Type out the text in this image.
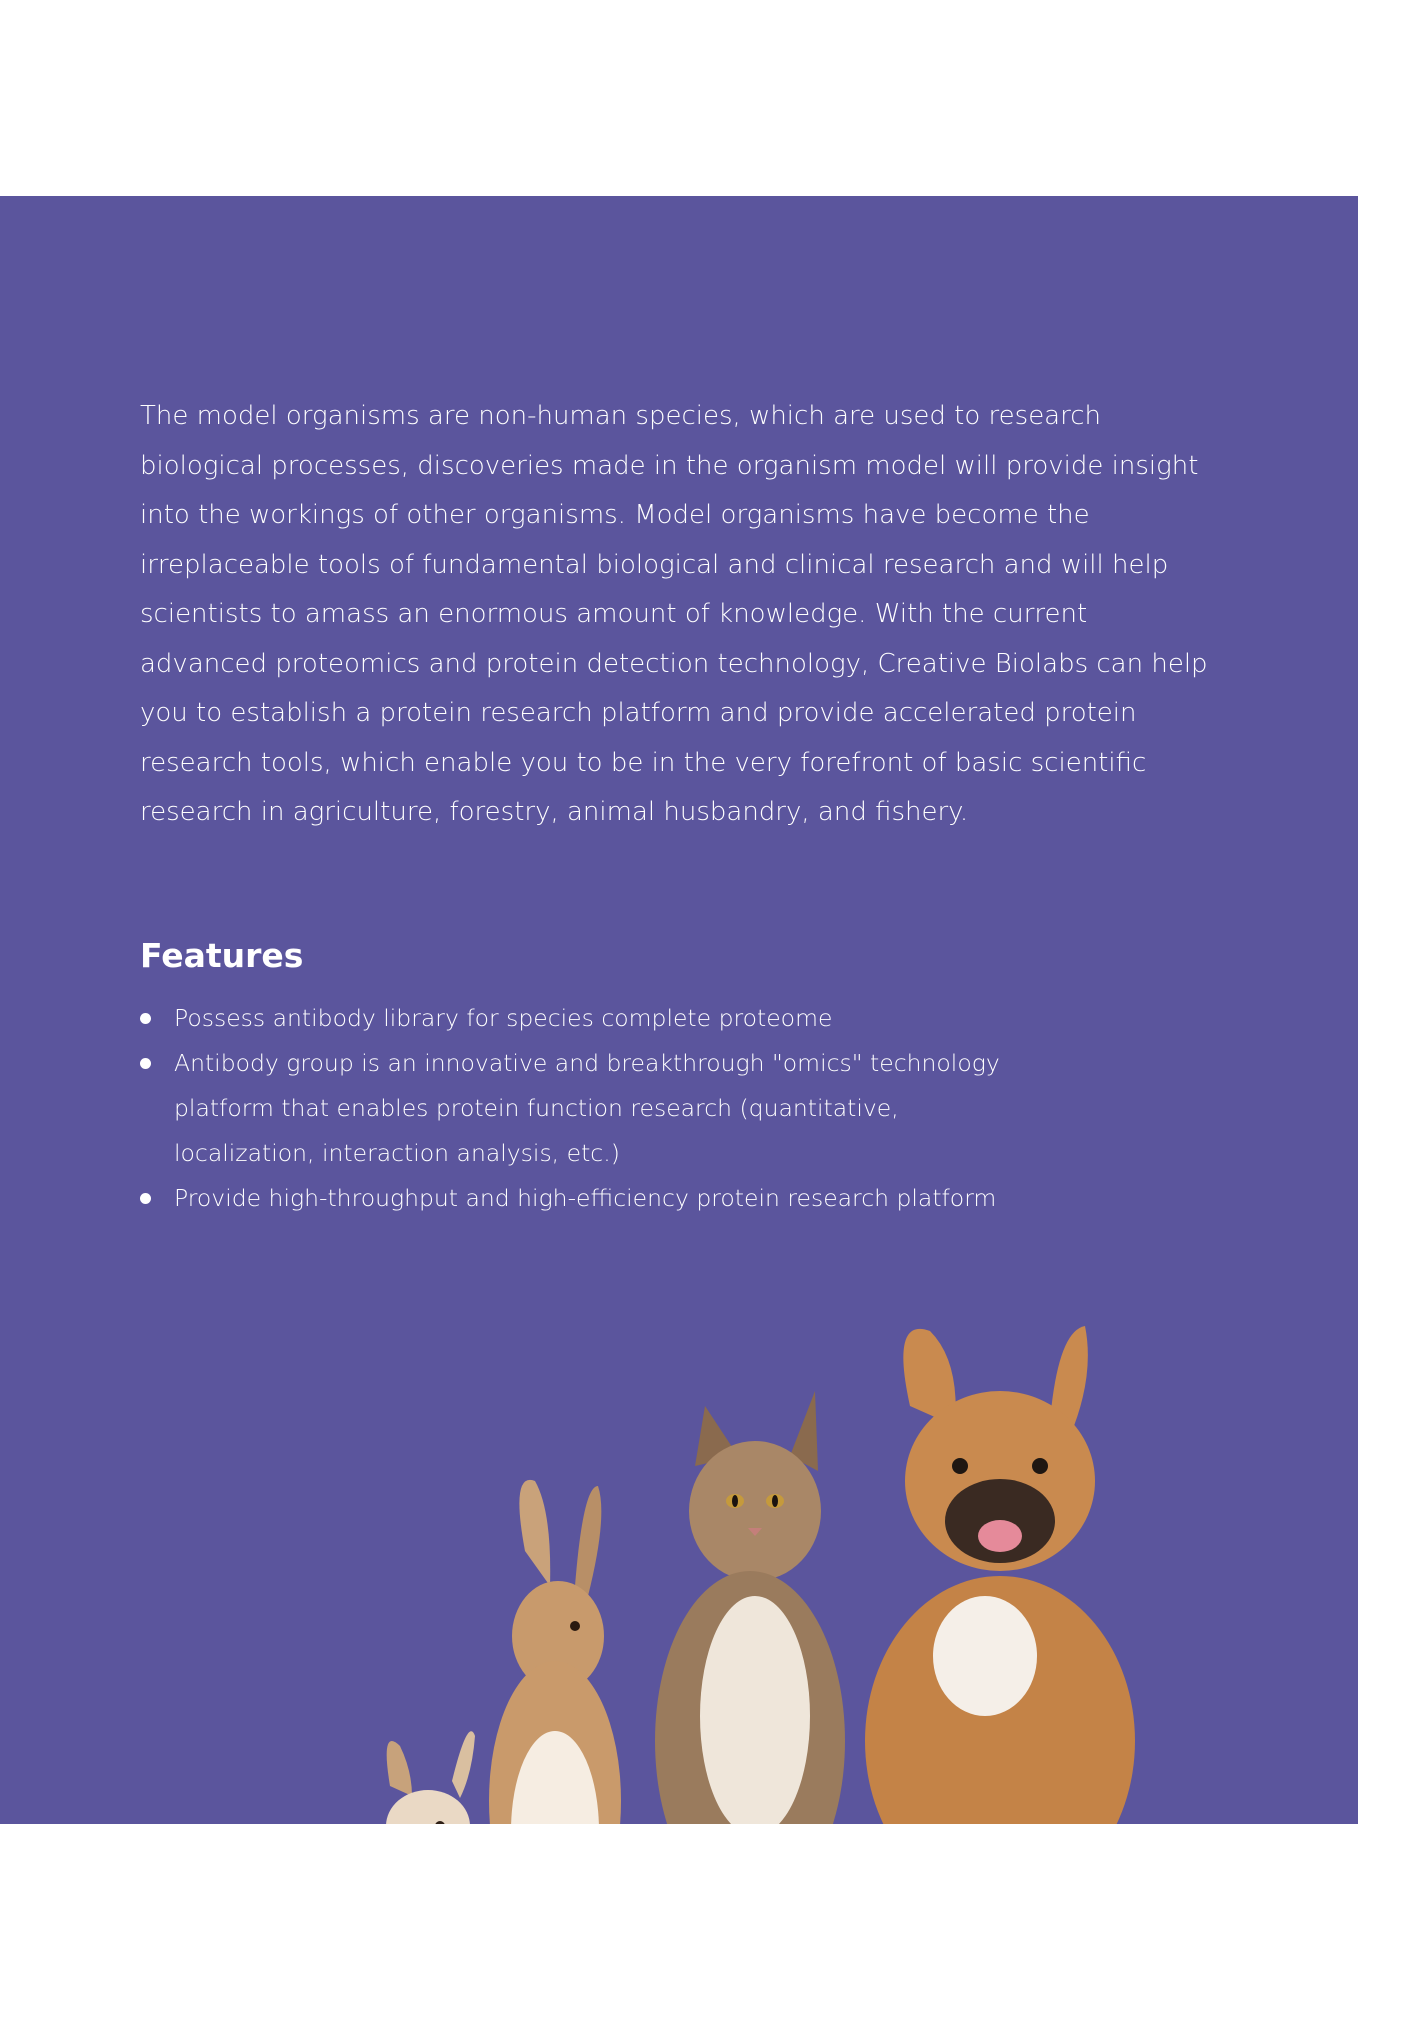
The model organisms are non-human species, which are used to research biological processes, discoveries made in the organism model will provide insight into the workings of other organisms. Model organisms have become the irreplaceable tools of fundamental biological and clinical research and will help scientists to amass an enormous amount of knowledge. With the current advanced proteomics and protein detection technology, Creative Biolabs can help you to establish a protein research platform and provide accelerated protein research tools, which enable you to be in the very forefront of basic scientific research in agriculture, forestry, animal husbandry, and fishery.

Features
Possess antibody library for species complete proteome
Antibody group is an innovative and breakthrough "omics" technology platform that enables protein function research (quantitative, localization, interaction analysis, etc.)
Provide high-throughput and high-efficiency protein research platform
